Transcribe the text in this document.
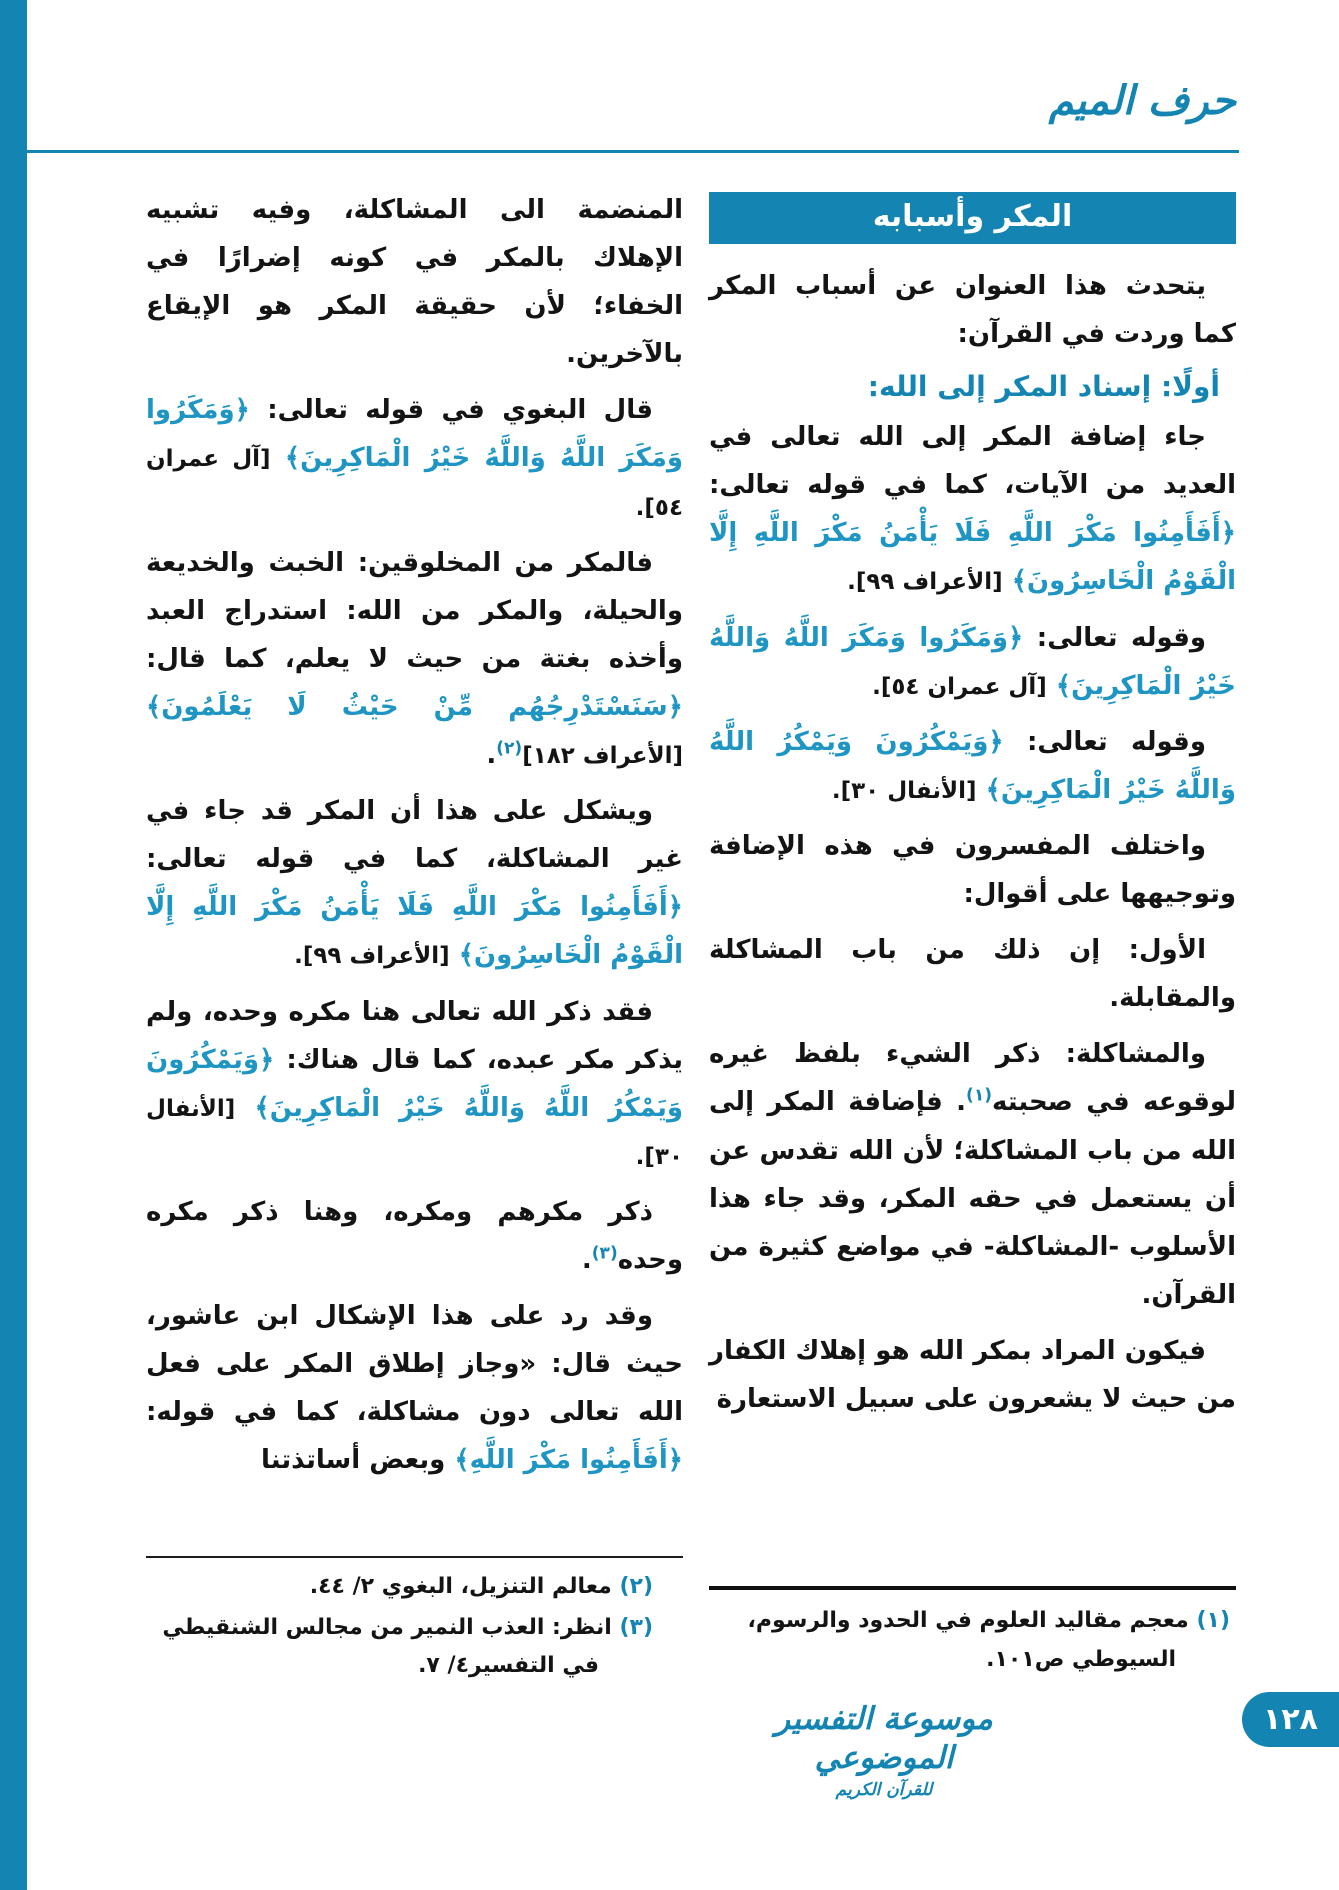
حرف الميم
المكر وأسبابه

يتحدث هذا العنوان عن أسباب المكر كما وردت في القرآن:

أولًا: إسناد المكر إلى الله:

جاء إضافة المكر إلى الله تعالى في العديد من الآيات، كما في قوله تعالى: ﴿أَفَأَمِنُوا مَكْرَ اللَّهِ فَلَا يَأْمَنُ مَكْرَ اللَّهِ إِلَّا الْقَوْمُ الْخَاسِرُونَ﴾ [الأعراف ٩٩].

وقوله تعالى: ﴿وَمَكَرُوا وَمَكَرَ اللَّهُ وَاللَّهُ خَيْرُ الْمَاكِرِينَ﴾ [آل عمران ٥٤].

وقوله تعالى: ﴿وَيَمْكُرُونَ وَيَمْكُرُ اللَّهُ وَاللَّهُ خَيْرُ الْمَاكِرِينَ﴾ [الأنفال ٣٠].

واختلف المفسرون في هذه الإضافة وتوجيهها على أقوال:

الأول: إن ذلك من باب المشاكلة والمقابلة.

والمشاكلة: ذكر الشيء بلفظ غيره لوقوعه في صحبته$^{(١)}$. فإضافة المكر إلى الله من باب المشاكلة؛ لأن الله تقدس عن أن يستعمل في حقه المكر، وقد جاء هذا الأسلوب -المشاكلة- في مواضع كثيرة من القرآن.

فيكون المراد بمكر الله هو إهلاك الكفار من حيث لا يشعرون على سبيل الاستعارة

المنضمة الى المشاكلة، وفيه تشبيه الإهلاك بالمكر في كونه إضرارًا في الخفاء؛ لأن حقيقة المكر هو الإيقاع بالآخرين.

قال البغوي في قوله تعالى: ﴿وَمَكَرُوا وَمَكَرَ اللَّهُ وَاللَّهُ خَيْرُ الْمَاكِرِينَ﴾ [آل عمران ٥٤].

فالمكر من المخلوقين: الخبث والخديعة والحيلة، والمكر من الله: استدراج العبد وأخذه بغتة من حيث لا يعلم، كما قال: ﴿سَنَسْتَدْرِجُهُم مِّنْ حَيْثُ لَا يَعْلَمُونَ﴾ [الأعراف ١٨٢]$^{(٢)}$.

ويشكل على هذا أن المكر قد جاء في غير المشاكلة، كما في قوله تعالى: ﴿أَفَأَمِنُوا مَكْرَ اللَّهِ فَلَا يَأْمَنُ مَكْرَ اللَّهِ إِلَّا الْقَوْمُ الْخَاسِرُونَ﴾ [الأعراف ٩٩].

فقد ذكر الله تعالى هنا مكره وحده، ولم يذكر مكر عبده، كما قال هناك: ﴿وَيَمْكُرُونَ وَيَمْكُرُ اللَّهُ وَاللَّهُ خَيْرُ الْمَاكِرِينَ﴾ [الأنفال ٣٠].

ذكر مكرهم ومكره، وهنا ذكر مكره وحده$^{(٣)}$.

وقد رد على هذا الإشكال ابن عاشور، حيث قال: «وجاز إطلاق المكر على فعل الله تعالى دون مشاكلة، كما في قوله: ﴿أَفَأَمِنُوا مَكْرَ اللَّهِ﴾ وبعض أساتذتنا

(٢) معالم التنزيل، البغوي ٢/ ٤٤.
(٣) انظر: العذب النمير من مجالس الشنقيطي في التفسير٤/ ٧.
(١) معجم مقاليد العلوم في الحدود والرسوم، السيوطي ص١٠١.
موسوعة التفسير الموضوعي
للقرآن الكريم
١٢٨
